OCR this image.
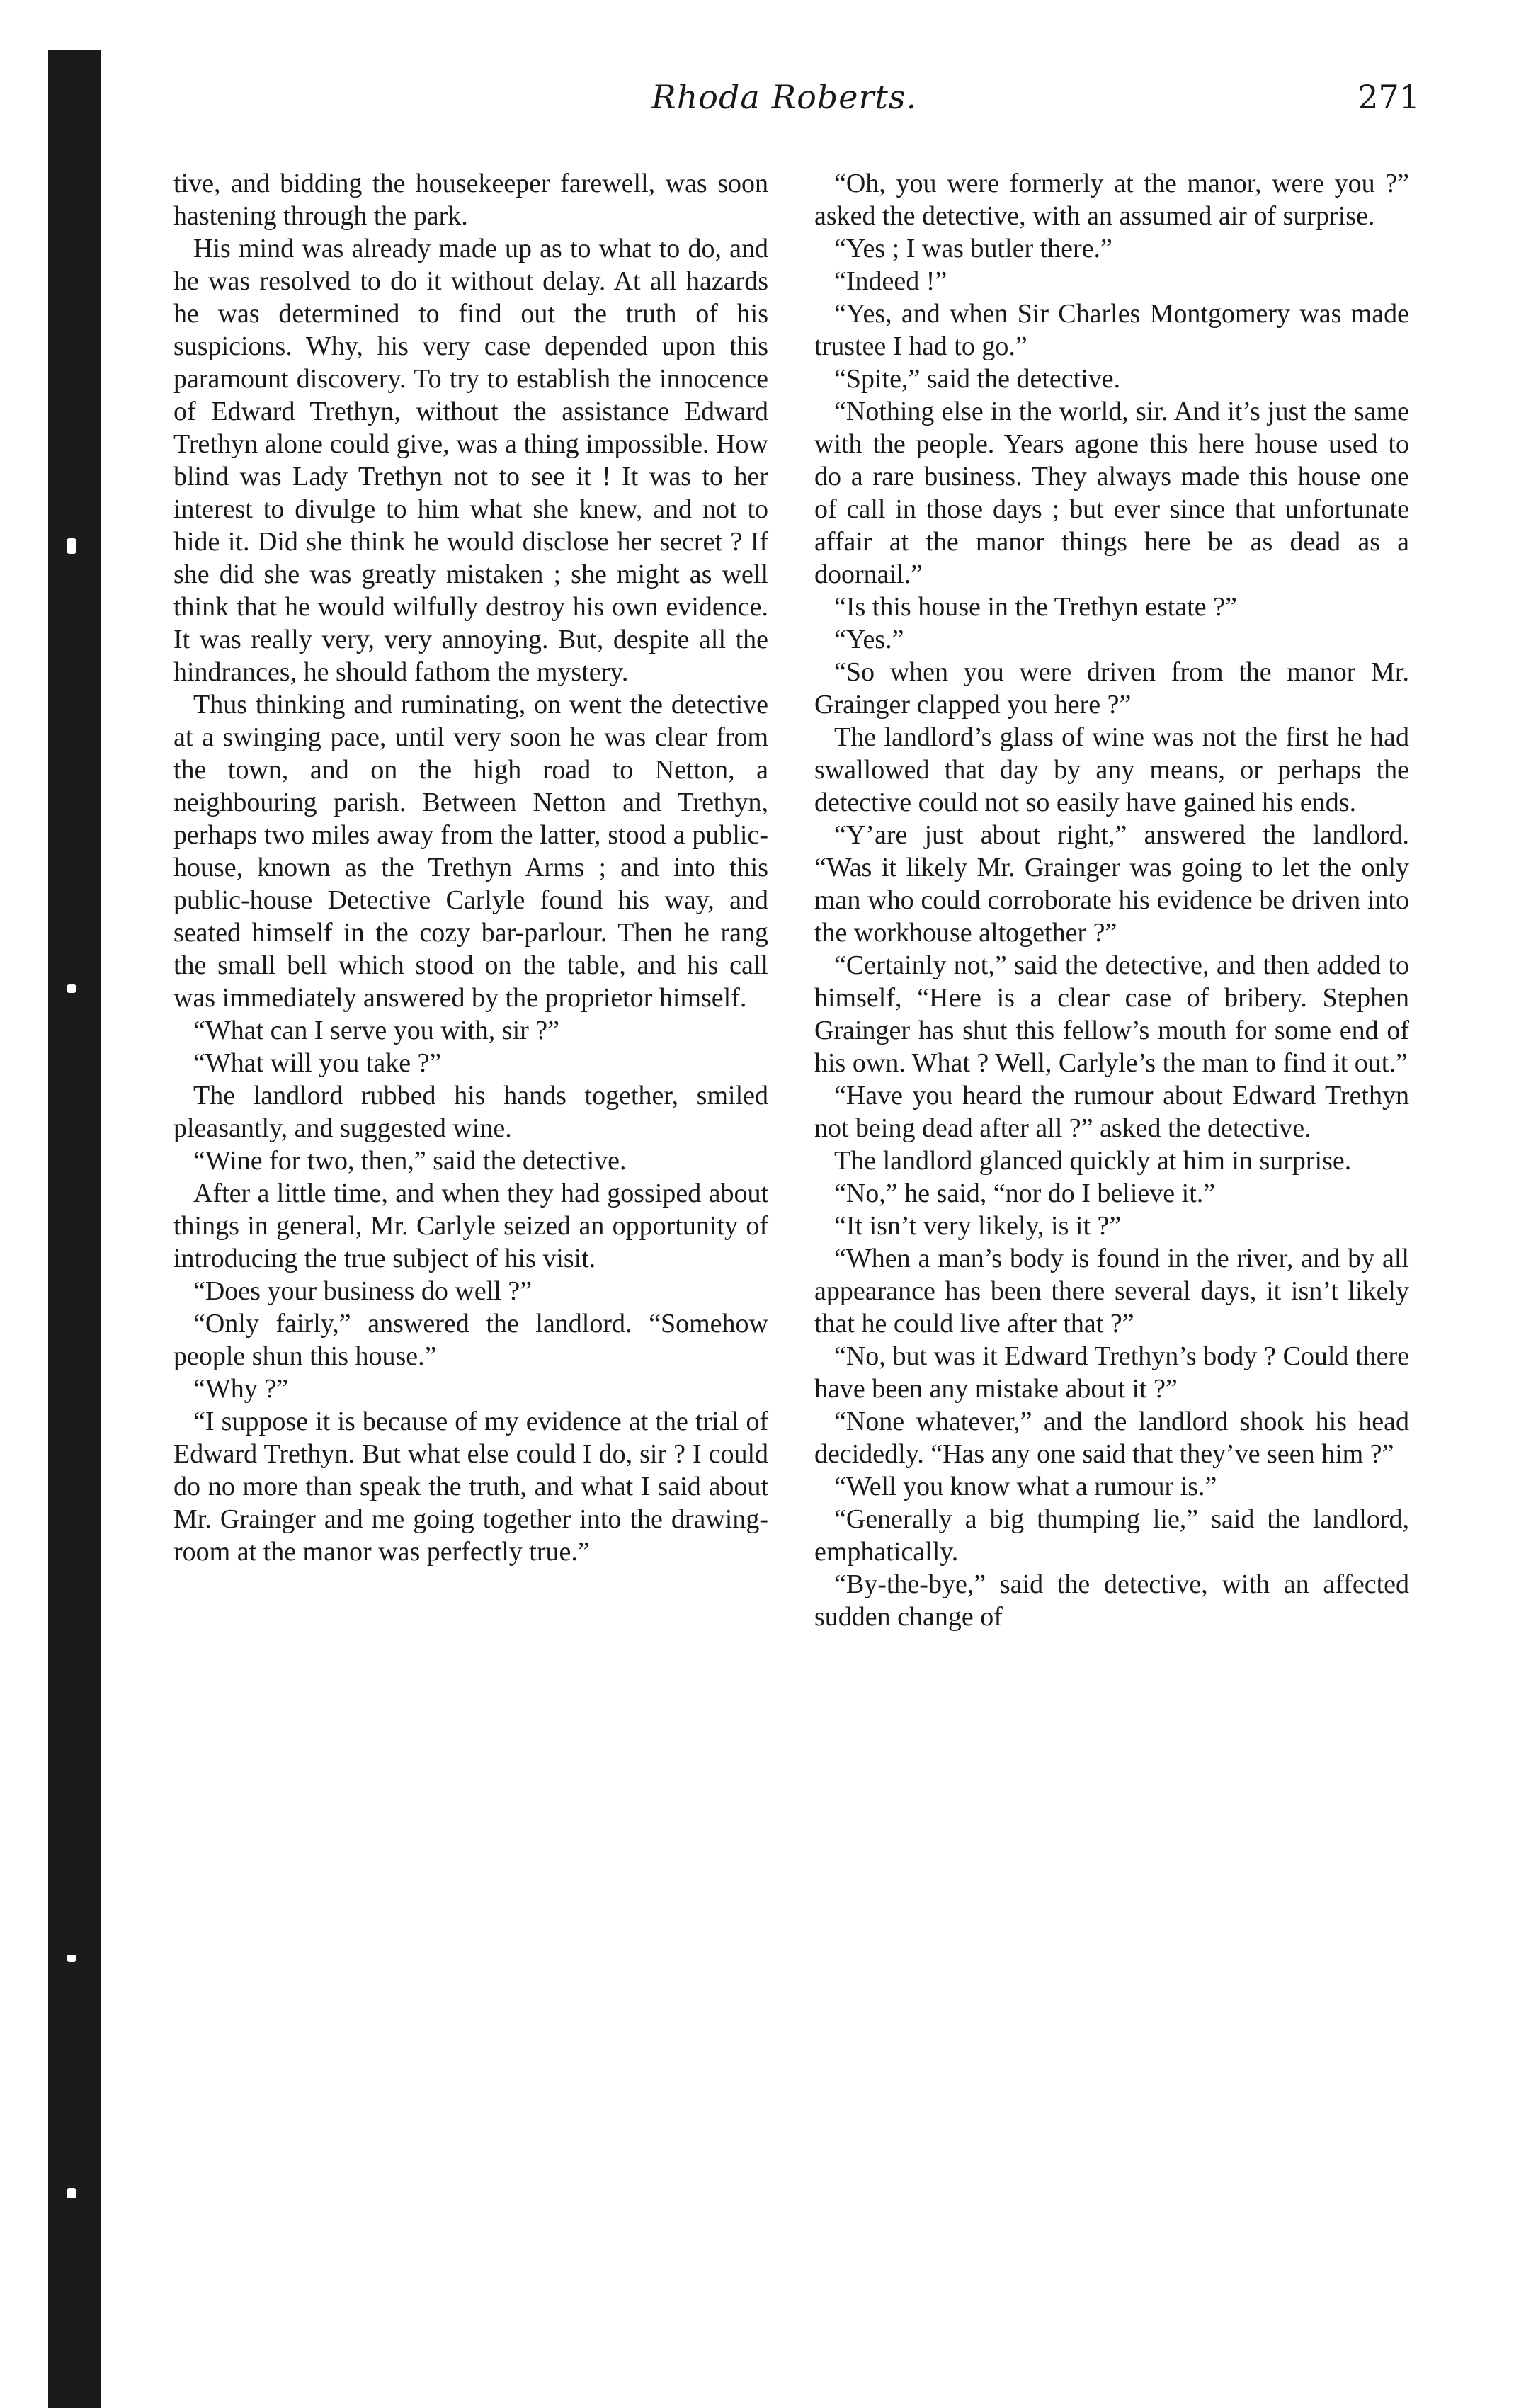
Rhoda Roberts.	271

tive, and bidding the housekeeper farewell, was soon hastening through the park.

His mind was already made up as to what to do, and he was resolved to do it without delay. At all hazards he was determined to find out the truth of his suspicions. Why, his very case depended upon this paramount discovery. To try to establish the innocence of Edward Trethyn, without the assistance Edward Trethyn alone could give, was a thing impossible. How blind was Lady Trethyn not to see it ! It was to her interest to divulge to him what she knew, and not to hide it. Did she think he would disclose her secret ? If she did she was greatly mistaken ; she might as well think that he would wilfully destroy his own evidence. It was really very, very annoying. But, despite all the hindrances, he should fathom the mystery.

Thus thinking and ruminating, on went the detective at a swinging pace, until very soon he was clear from the town, and on the high road to Netton, a neighbouring parish. Between Netton and Trethyn, perhaps two miles away from the latter, stood a public-house, known as the Trethyn Arms ; and into this public-house Detective Carlyle found his way, and seated himself in the cozy bar-parlour. Then he rang the small bell which stood on the table, and his call was immediately answered by the proprietor himself.

“What can I serve you with, sir ?”

“What will you take ?”

The landlord rubbed his hands together, smiled pleasantly, and suggested wine.

“Wine for two, then,” said the detective.

After a little time, and when they had gossiped about things in general, Mr. Carlyle seized an opportunity of introducing the true subject of his visit.

“Does your business do well ?”

“Only fairly,” answered the landlord. “Somehow people shun this house.”

“Why ?”

“I suppose it is because of my evidence at the trial of Edward Trethyn. But what else could I do, sir ? I could do no more than speak the truth, and what I said about Mr. Grainger and me going together into the drawing-room at the manor was perfectly true.”

“Oh, you were formerly at the manor, were you ?” asked the detective, with an assumed air of surprise.

“Yes ; I was butler there.”

“Indeed !”

“Yes, and when Sir Charles Montgomery was made trustee I had to go.”

“Spite,” said the detective.

“Nothing else in the world, sir. And it’s just the same with the people. Years agone this here house used to do a rare business. They always made this house one of call in those days ; but ever since that unfortunate affair at the manor things here be as dead as a doornail.”

“Is this house in the Trethyn estate ?”

“Yes.”

“So when you were driven from the manor Mr. Grainger clapped you here ?”

The landlord’s glass of wine was not the first he had swallowed that day by any means, or perhaps the detective could not so easily have gained his ends.

“Y’are just about right,” answered the landlord. “Was it likely Mr. Grainger was going to let the only man who could corroborate his evidence be driven into the workhouse altogether ?”

“Certainly not,” said the detective, and then added to himself, “Here is a clear case of bribery. Stephen Grainger has shut this fellow’s mouth for some end of his own. What ? Well, Carlyle’s the man to find it out.”

“Have you heard the rumour about Edward Trethyn not being dead after all ?” asked the detective.

The landlord glanced quickly at him in surprise.

“No,” he said, “nor do I believe it.”

“It isn’t very likely, is it ?”

“When a man’s body is found in the river, and by all appearance has been there several days, it isn’t likely that he could live after that ?”

“No, but was it Edward Trethyn’s body ? Could there have been any mistake about it ?”

“None whatever,” and the landlord shook his head decidedly. “Has any one said that they’ve seen him ?”

“Well you know what a rumour is.”

“Generally a big thumping lie,” said the landlord, emphatically.

“By-the-bye,” said the detective, with an affected sudden change of
